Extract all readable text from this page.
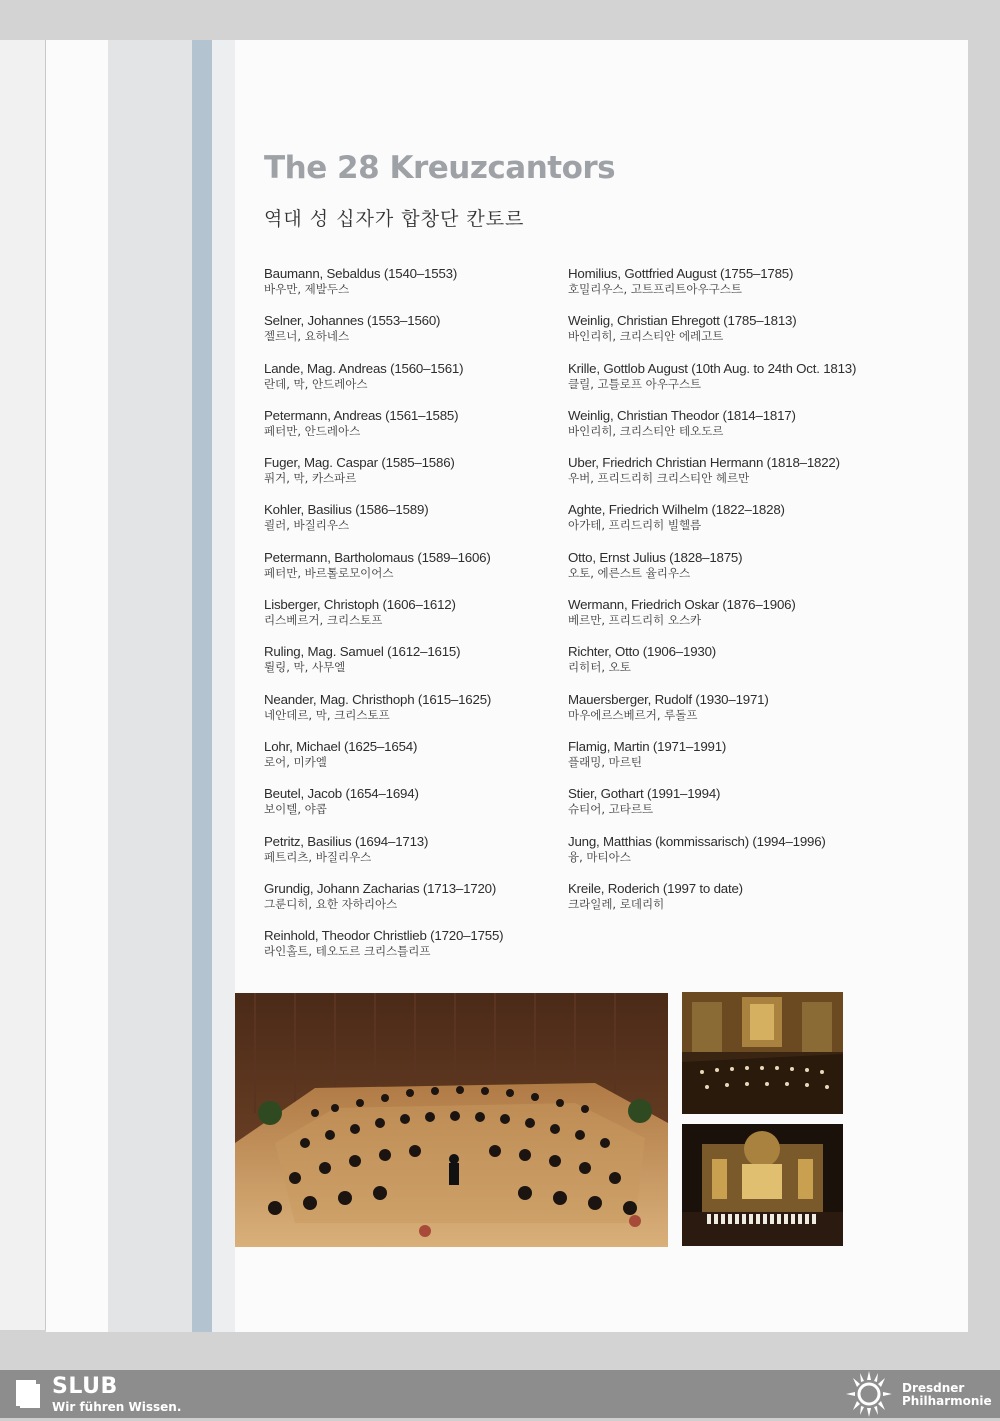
The 28 Kreuzcantors
역대 성 십자가 합창단 칸토르
Baumann, Sebaldus (1540–1553)
바우만, 제발두스
Selner, Johannes (1553–1560)
젤르너, 요하네스
Lande, Mag. Andreas (1560–1561)
란데, 막, 안드레아스
Petermann, Andreas (1561–1585)
페터만, 안드레아스
Fuger, Mag. Caspar (1585–1586)
퓌거, 막, 카스파르
Kohler, Basilius (1586–1589)
쾰러, 바질리우스
Petermann, Bartholomaus (1589–1606)
페터만, 바르톨로모이어스
Lisberger, Christoph (1606–1612)
리스베르거, 크리스토프
Ruling, Mag. Samuel (1612–1615)
륄링, 막, 사무엘
Neander, Mag. Christhoph (1615–1625)
네안데르, 막, 크리스토프
Lohr, Michael (1625–1654)
로어, 미카엘
Beutel, Jacob (1654–1694)
보이텔, 야콥
Petritz, Basilius (1694–1713)
페트리츠, 바질리우스
Grundig, Johann Zacharias (1713–1720)
그룬디히, 요한 자하리아스
Reinhold, Theodor Christlieb (1720–1755)
라인홀트, 테오도르 크리스틀리프
Homilius, Gottfried August (1755–1785)
호밀리우스, 고트프리트아우구스트
Weinlig, Christian Ehregott (1785–1813)
바인리히, 크리스티안 에레고트
Krille, Gottlob August (10th Aug. to 24th Oct. 1813)
클릴, 고틀로프 아우구스트
Weinlig, Christian Theodor (1814–1817)
바인리히, 크리스티안 테오도르
Uber, Friedrich Christian Hermann (1818–1822)
우버, 프리드리히 크리스티안 헤르만
Aghte, Friedrich Wilhelm (1822–1828)
아가테, 프리드리히 빌헬름
Otto, Ernst Julius (1828–1875)
오토, 에른스트 율리우스
Wermann, Friedrich Oskar (1876–1906)
베르만, 프리드리히 오스카
Richter, Otto (1906–1930)
리히터, 오토
Mauersberger, Rudolf (1930–1971)
마우에르스베르거, 루돌프
Flamig, Martin (1971–1991)
플래밍, 마르틴
Stier, Gothart (1991–1994)
슈티어, 고타르트
Jung, Matthias (kommissarisch) (1994–1996)
융, 마티아스
Kreile, Roderich (1997 to date)
크라일레, 로데리히
SLUB
Wir führen Wissen.
Dresdner
Philharmonie
